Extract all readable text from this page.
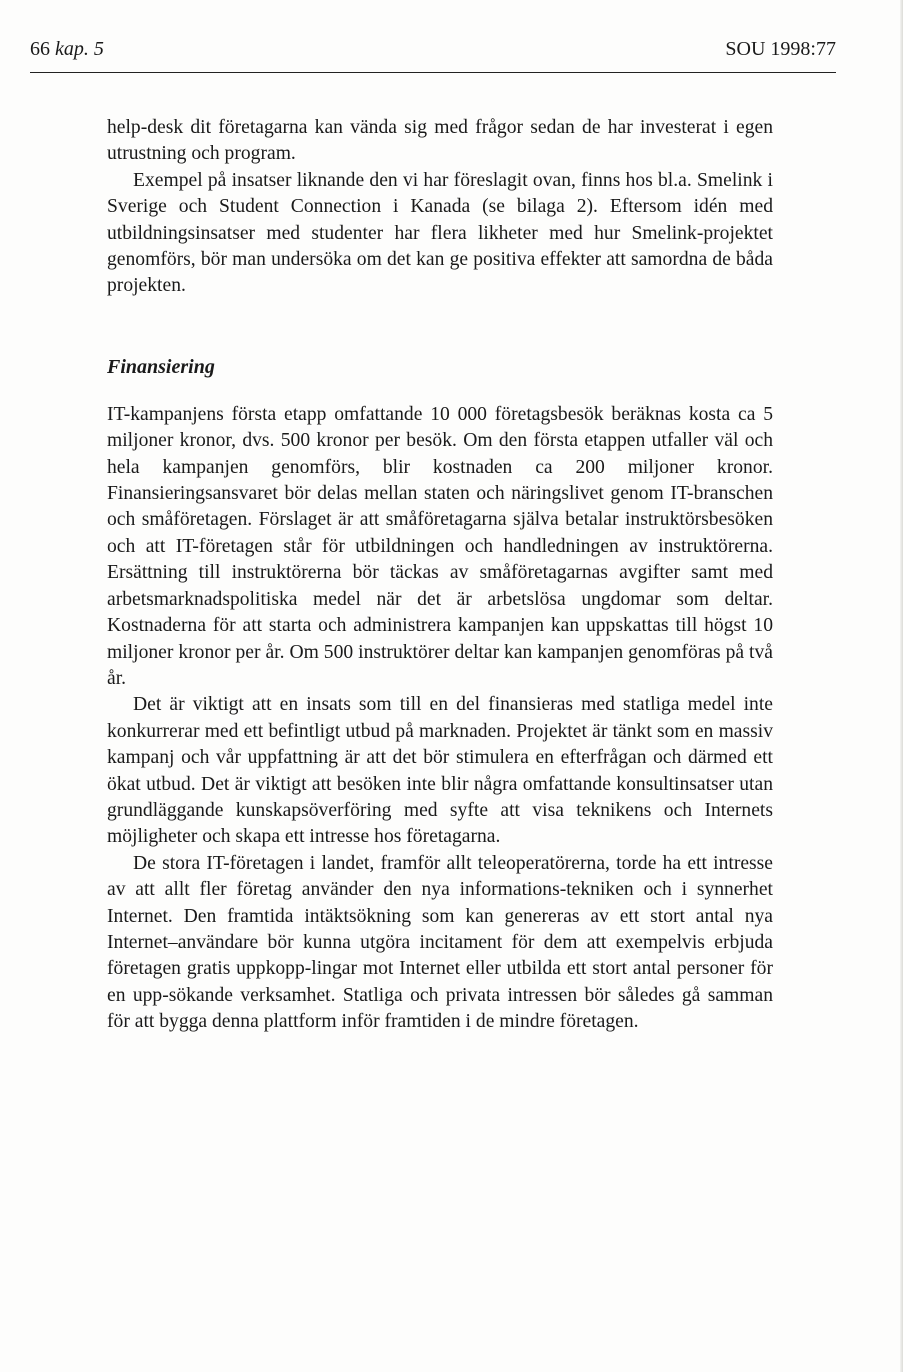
66 kap. 5	SOU 1998:77

help-desk dit företagarna kan vända sig med frågor sedan de har investerat i egen utrustning och program.

Exempel på insatser liknande den vi har föreslagit ovan, finns hos bl.a. Smelink i Sverige och Student Connection i Kanada (se bilaga 2). Eftersom idén med utbildningsinsatser med studenter har flera likheter med hur Smelink-projektet genomförs, bör man undersöka om det kan ge positiva effekter att samordna de båda projekten.

Finansiering

IT-kampanjens första etapp omfattande 10 000 företagsbesök beräknas kosta ca 5 miljoner kronor, dvs. 500 kronor per besök. Om den första etappen utfaller väl och hela kampanjen genomförs, blir kostnaden ca 200 miljoner kronor. Finansieringsansvaret bör delas mellan staten och näringslivet genom IT-branschen och småföretagen. Förslaget är att småföretagarna själva betalar instruktörsbesöken och att IT-företagen står för utbildningen och handledningen av instruktörerna. Ersättning till instruktörerna bör täckas av småföretagarnas avgifter samt med arbetsmarknadspolitiska medel när det är arbetslösa ungdomar som deltar. Kostnaderna för att starta och administrera kampanjen kan uppskattas till högst 10 miljoner kronor per år. Om 500 instruktörer deltar kan kampanjen genomföras på två år.

Det är viktigt att en insats som till en del finansieras med statliga medel inte konkurrerar med ett befintligt utbud på marknaden. Projektet är tänkt som en massiv kampanj och vår uppfattning är att det bör stimulera en efterfrågan och därmed ett ökat utbud. Det är viktigt att besöken inte blir några omfattande konsultinsatser utan grundläggande kunskapsöverföring med syfte att visa teknikens och Internets möjligheter och skapa ett intresse hos företagarna.

De stora IT-företagen i landet, framför allt teleoperatörerna, torde ha ett intresse av att allt fler företag använder den nya informations-tekniken och i synnerhet Internet. Den framtida intäktsökning som kan genereras av ett stort antal nya Internet–användare bör kunna utgöra incitament för dem att exempelvis erbjuda företagen gratis uppkopp-lingar mot Internet eller utbilda ett stort antal personer för en upp-sökande verksamhet. Statliga och privata intressen bör således gå samman för att bygga denna plattform inför framtiden i de mindre företagen.
